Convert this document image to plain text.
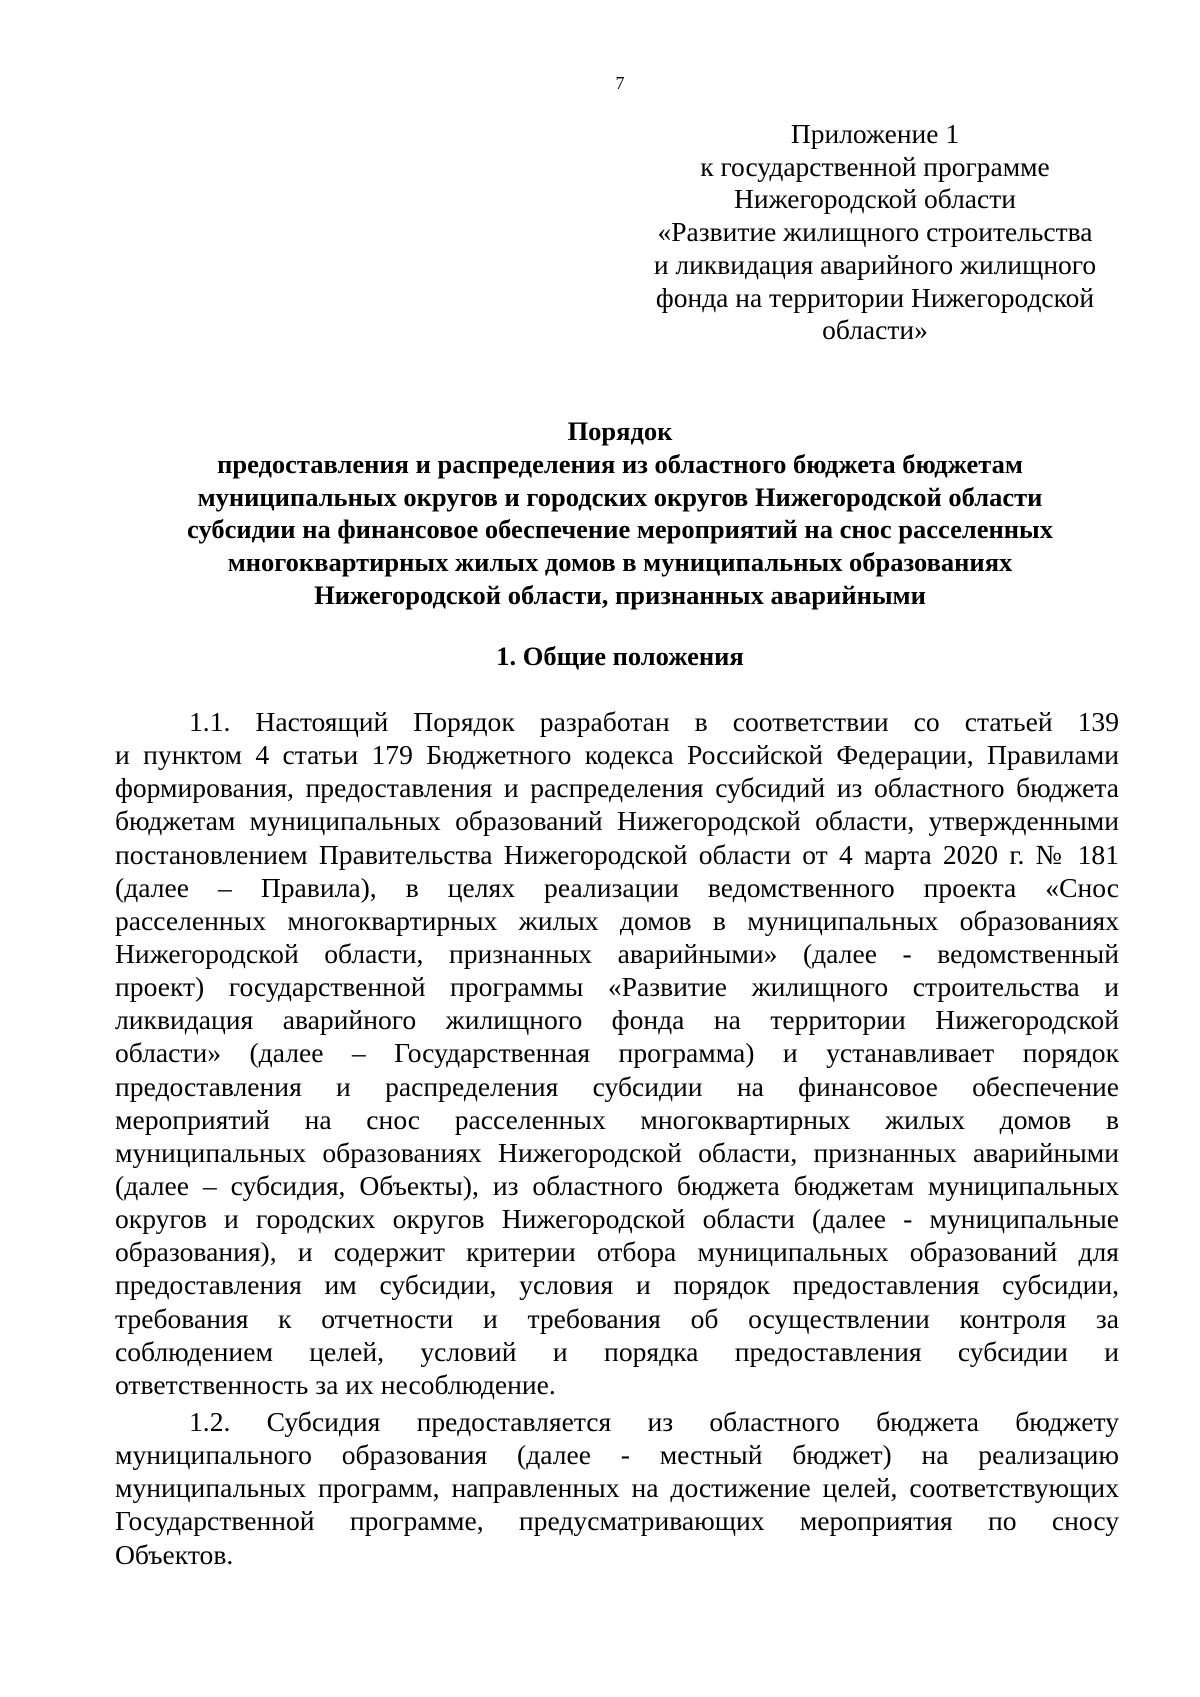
7
Приложение 1
к государственной программе
Нижегородской области
«Развитие жилищного строительства
и ликвидация аварийного жилищного
фонда на территории Нижегородской
области»
Порядок
предоставления и распределения из областного бюджета бюджетам
муниципальных округов и городских округов Нижегородской области
субсидии на финансовое обеспечение мероприятий на снос расселенных
многоквартирных жилых домов в муниципальных образованиях
Нижегородской области, признанных аварийными
1. Общие положения
1.1. Настоящий Порядок разработан в соответствии со статьей 139
и пунктом 4 статьи 179 Бюджетного кодекса Российской Федерации, Правилами
формирования, предоставления и распределения субсидий из областного бюджета
бюджетам муниципальных образований Нижегородской области, утвержденными
постановлением Правительства Нижегородской области от 4 марта 2020 г. № 181
(далее – Правила), в целях реализации ведомственного проекта «Снос
расселенных многоквартирных жилых домов в муниципальных образованиях
Нижегородской области, признанных аварийными» (далее - ведомственный
проект) государственной программы «Развитие жилищного строительства и
ликвидация аварийного жилищного фонда на территории Нижегородской
области» (далее – Государственная программа) и устанавливает порядок
предоставления и распределения субсидии на финансовое обеспечение
мероприятий на снос расселенных многоквартирных жилых домов в
муниципальных образованиях Нижегородской области, признанных аварийными
(далее – субсидия, Объекты), из областного бюджета бюджетам муниципальных
округов и городских округов Нижегородской области (далее - муниципальные
образования), и содержит критерии отбора муниципальных образований для
предоставления им субсидии, условия и порядок предоставления субсидии,
требования к отчетности и требования об осуществлении контроля за
соблюдением целей, условий и порядка предоставления субсидии и
ответственность за их несоблюдение.
1.2. Субсидия предоставляется из областного бюджета бюджету
муниципального образования (далее - местный бюджет) на реализацию
муниципальных программ, направленных на достижение целей, соответствующих
Государственной программе, предусматривающих мероприятия по сносу
Объектов.
